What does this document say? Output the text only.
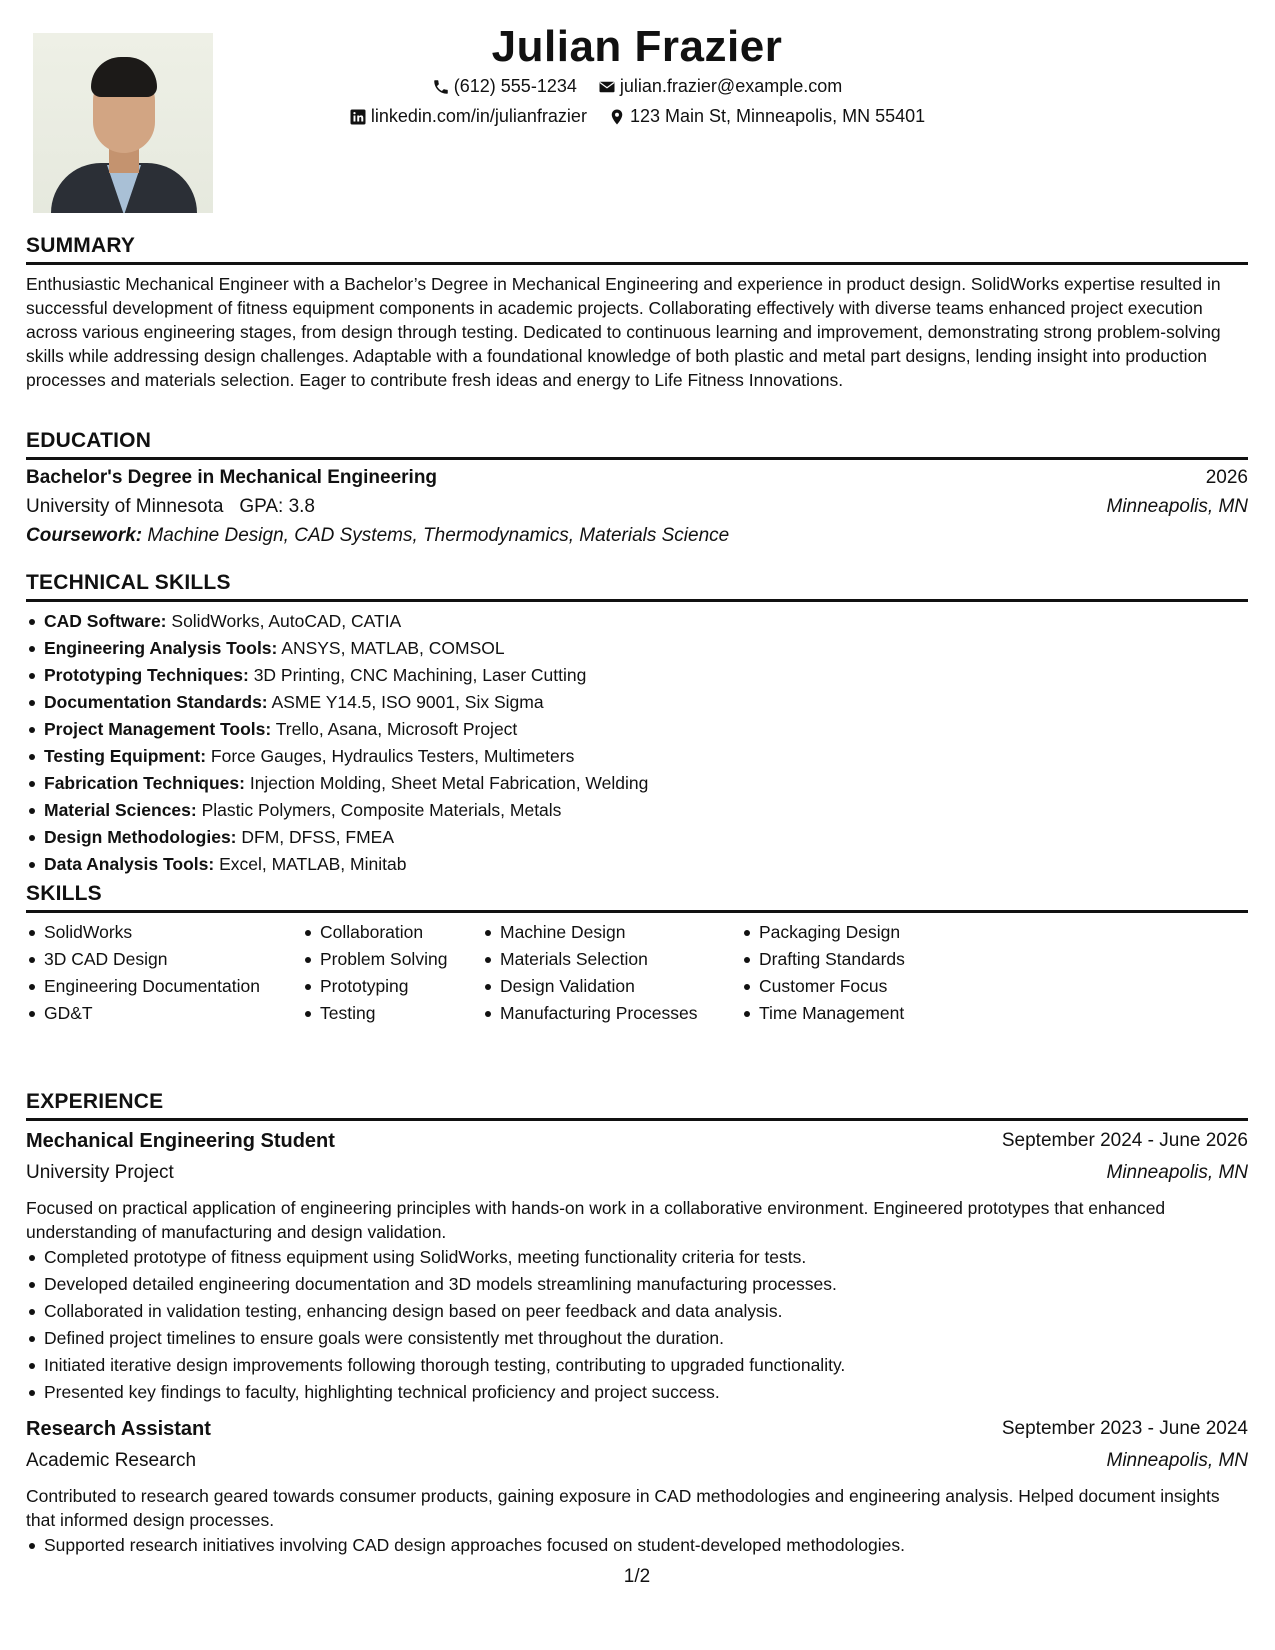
Julian Frazier
(612) 555-1234
julian.frazier@example.com
linkedin.com/in/julianfrazier
123 Main St, Minneapolis, MN 55401
SUMMARY
Enthusiastic Mechanical Engineer with a Bachelor’s Degree in Mechanical Engineering and experience in product design. SolidWorks expertise resulted in successful development of fitness equipment components in academic projects. Collaborating effectively with diverse teams enhanced project execution across various engineering stages, from design through testing. Dedicated to continuous learning and improvement, demonstrating strong problem-solving skills while addressing design challenges. Adaptable with a foundational knowledge of both plastic and metal part designs, lending insight into production processes and materials selection. Eager to contribute fresh ideas and energy to Life Fitness Innovations.
EDUCATION
Bachelor's Degree in Mechanical Engineering	2026
University of Minnesota GPA: 3.8	Minneapolis, MN
Coursework: Machine Design, CAD Systems, Thermodynamics, Materials Science
TECHNICAL SKILLS
CAD Software: SolidWorks, AutoCAD, CATIA
Engineering Analysis Tools: ANSYS, MATLAB, COMSOL
Prototyping Techniques: 3D Printing, CNC Machining, Laser Cutting
Documentation Standards: ASME Y14.5, ISO 9001, Six Sigma
Project Management Tools: Trello, Asana, Microsoft Project
Testing Equipment: Force Gauges, Hydraulics Testers, Multimeters
Fabrication Techniques: Injection Molding, Sheet Metal Fabrication, Welding
Material Sciences: Plastic Polymers, Composite Materials, Metals
Design Methodologies: DFM, DFSS, FMEA
Data Analysis Tools: Excel, MATLAB, Minitab
SKILLS
SolidWorks
3D CAD Design
Engineering Documentation
GD&T
Collaboration
Problem Solving
Prototyping
Testing
Machine Design
Materials Selection
Design Validation
Manufacturing Processes
Packaging Design
Drafting Standards
Customer Focus
Time Management
EXPERIENCE
Mechanical Engineering Student	September 2024 - June 2026
University Project	Minneapolis, MN
Focused on practical application of engineering principles with hands-on work in a collaborative environment. Engineered prototypes that enhanced understanding of manufacturing and design validation.
Completed prototype of fitness equipment using SolidWorks, meeting functionality criteria for tests.
Developed detailed engineering documentation and 3D models streamlining manufacturing processes.
Collaborated in validation testing, enhancing design based on peer feedback and data analysis.
Defined project timelines to ensure goals were consistently met throughout the duration.
Initiated iterative design improvements following thorough testing, contributing to upgraded functionality.
Presented key findings to faculty, highlighting technical proficiency and project success.
Research Assistant	September 2023 - June 2024
Academic Research	Minneapolis, MN
Contributed to research geared towards consumer products, gaining exposure in CAD methodologies and engineering analysis. Helped document insights that informed design processes.
Supported research initiatives involving CAD design approaches focused on student-developed methodologies.
1/2
